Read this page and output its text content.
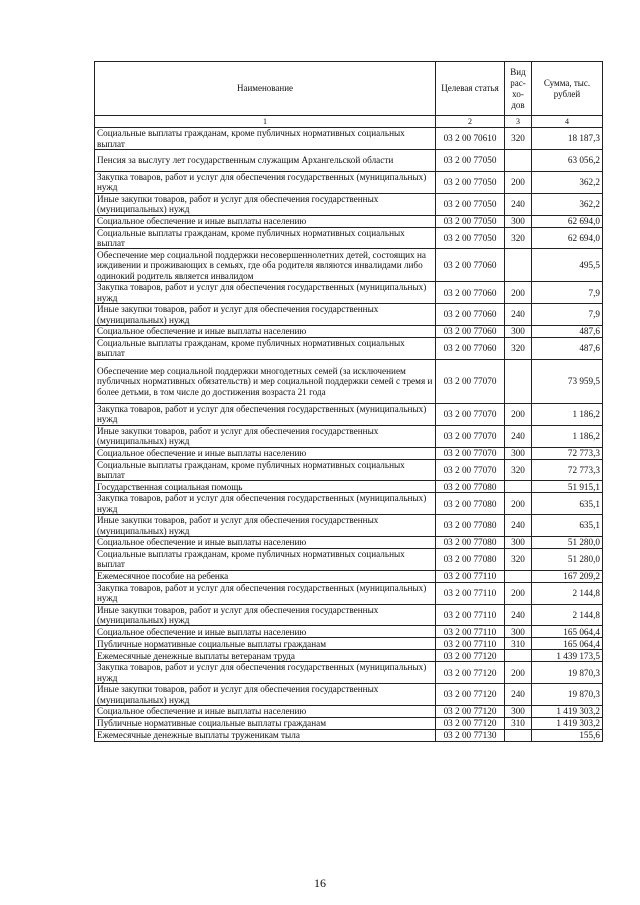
Наименование	Целевая статья	Вид рас-хо-дов	Сумма, тыс. рублей
1	2	3	4
Социальные выплаты гражданам, кроме публичных нормативных социальных выплат	03 2 00 70610	320	18 187,3
Пенсия за выслугу лет государственным служащим Архангельской области	03 2 00 77050		63 056,2
Закупка товаров, работ и услуг для обеспечения государственных (муниципальных) нужд	03 2 00 77050	200	362,2
Иные закупки товаров, работ и услуг для обеспечения государственных (муниципальных) нужд	03 2 00 77050	240	362,2
Социальное обеспечение и иные выплаты населению	03 2 00 77050	300	62 694,0
Социальные выплаты гражданам, кроме публичных нормативных социальных выплат	03 2 00 77050	320	62 694,0
Обеспечение мер социальной поддержки несовершеннолетних детей, состоящих на иждивении и проживающих в семьях, где оба родителя являются инвалидами либо одинокий родитель является инвалидом	03 2 00 77060		495,5
Закупка товаров, работ и услуг для обеспечения государственных (муниципальных) нужд	03 2 00 77060	200	7,9
Иные закупки товаров, работ и услуг для обеспечения государственных (муниципальных) нужд	03 2 00 77060	240	7,9
Социальное обеспечение и иные выплаты населению	03 2 00 77060	300	487,6
Социальные выплаты гражданам, кроме публичных нормативных социальных выплат	03 2 00 77060	320	487,6
Обеспечение мер социальной поддержки многодетных семей (за исключением публичных нормативных обязательств) и мер социальной поддержки семей с тремя и более детьми, в том числе до достижения возраста 21 года	03 2 00 77070		73 959,5
Закупка товаров, работ и услуг для обеспечения государственных (муниципальных) нужд	03 2 00 77070	200	1 186,2
Иные закупки товаров, работ и услуг для обеспечения государственных (муниципальных) нужд	03 2 00 77070	240	1 186,2
Социальное обеспечение и иные выплаты населению	03 2 00 77070	300	72 773,3
Социальные выплаты гражданам, кроме публичных нормативных социальных выплат	03 2 00 77070	320	72 773,3
Государственная социальная помощь	03 2 00 77080		51 915,1
Закупка товаров, работ и услуг для обеспечения государственных (муниципальных) нужд	03 2 00 77080	200	635,1
Иные закупки товаров, работ и услуг для обеспечения государственных (муниципальных) нужд	03 2 00 77080	240	635,1
Социальное обеспечение и иные выплаты населению	03 2 00 77080	300	51 280,0
Социальные выплаты гражданам, кроме публичных нормативных социальных выплат	03 2 00 77080	320	51 280,0
Ежемесячное пособие на ребенка	03 2 00 77110		167 209,2
Закупка товаров, работ и услуг для обеспечения государственных (муниципальных) нужд	03 2 00 77110	200	2 144,8
Иные закупки товаров, работ и услуг для обеспечения государственных (муниципальных) нужд	03 2 00 77110	240	2 144,8
Социальное обеспечение и иные выплаты населению	03 2 00 77110	300	165 064,4
Публичные нормативные социальные выплаты гражданам	03 2 00 77110	310	165 064,4
Ежемесячные денежные выплаты ветеранам труда	03 2 00 77120		1 439 173,5
Закупка товаров, работ и услуг для обеспечения государственных (муниципальных) нужд	03 2 00 77120	200	19 870,3
Иные закупки товаров, работ и услуг для обеспечения государственных (муниципальных) нужд	03 2 00 77120	240	19 870,3
Социальное обеспечение и иные выплаты населению	03 2 00 77120	300	1 419 303,2
Публичные нормативные социальные выплаты гражданам	03 2 00 77120	310	1 419 303,2
Ежемесячные денежные выплаты труженикам тыла	03 2 00 77130		155,6
16
